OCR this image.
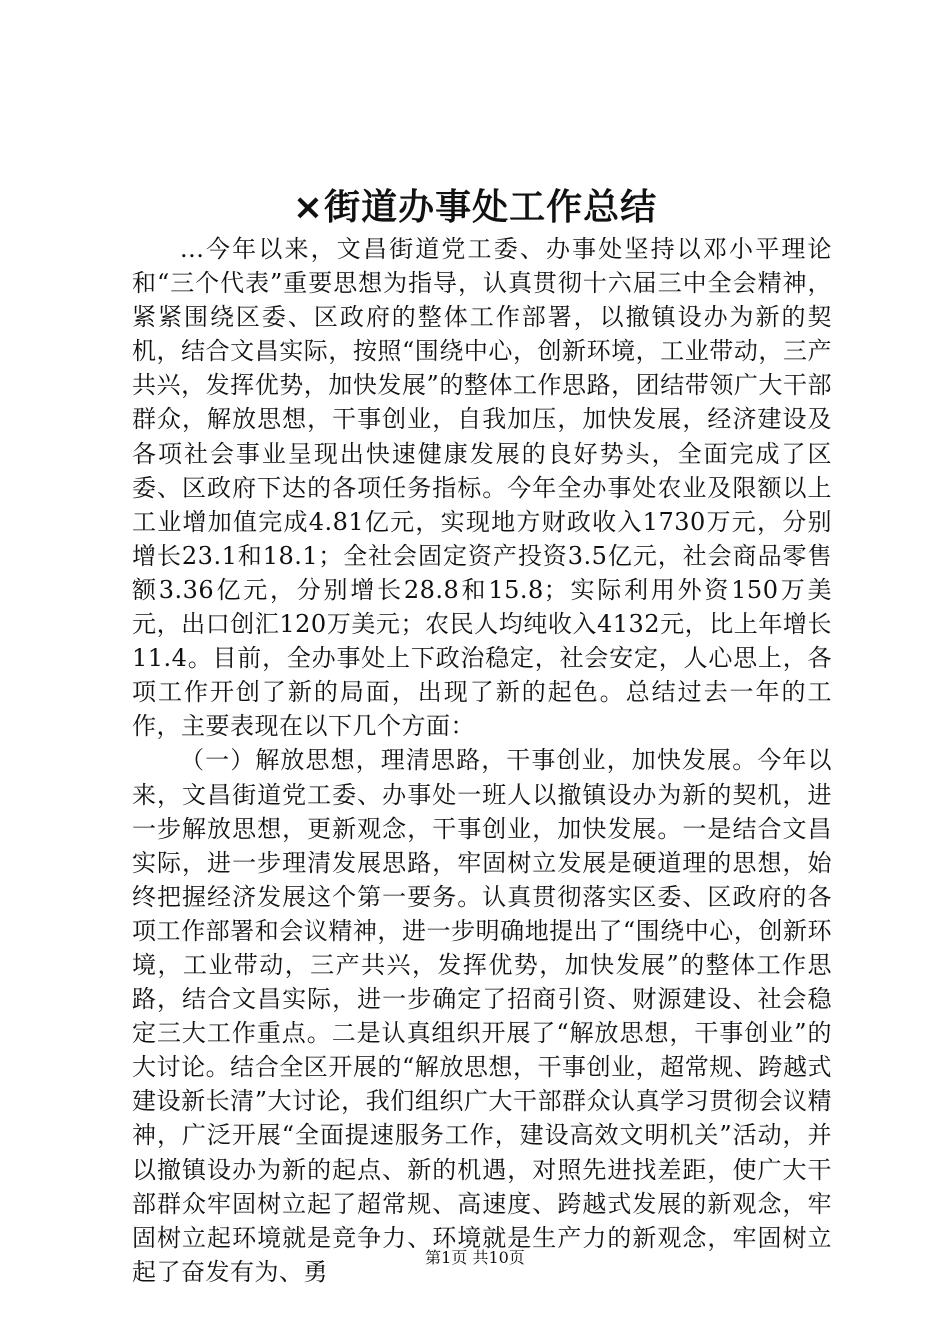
×街道办事处工作总结

...今年以来，文昌街道党工委、办事处坚持以邓小平理论和“三个代表”重要思想为指导，认真贯彻十六届三中全会精神，紧紧围绕区委、区政府的整体工作部署，以撤镇设办为新的契机，结合文昌实际，按照“围绕中心，创新环境，工业带动，三产共兴，发挥优势，加快发展”的整体工作思路，团结带领广大干部群众，解放思想，干事创业，自我加压，加快发展，经济建设及各项社会事业呈现出快速健康发展的良好势头，全面完成了区委、区政府下达的各项任务指标。今年全办事处农业及限额以上工业增加值完成4.81亿元，实现地方财政收入1730万元，分别增长23.1和18.1；全社会固定资产投资3.5亿元，社会商品零售额3.36亿元，分别增长28.8和15.8；实际利用外资150万美元，出口创汇120万美元；农民人均纯收入4132元，比上年增长11.4。目前，全办事处上下政治稳定，社会安定，人心思上，各项工作开创了新的局面，出现了新的起色。总结过去一年的工作，主要表现在以下几个方面：

（一）解放思想，理清思路，干事创业，加快发展。今年以来，文昌街道党工委、办事处一班人以撤镇设办为新的契机，进一步解放思想，更新观念，干事创业，加快发展。一是结合文昌实际，进一步理清发展思路，牢固树立发展是硬道理的思想，始终把握经济发展这个第一要务。认真贯彻落实区委、区政府的各项工作部署和会议精神，进一步明确地提出了“围绕中心，创新环境，工业带动，三产共兴，发挥优势，加快发展”的整体工作思路，结合文昌实际，进一步确定了招商引资、财源建设、社会稳定三大工作重点。二是认真组织开展了“解放思想，干事创业”的大讨论。结合全区开展的“解放思想，干事创业，超常规、跨越式建设新长清”大讨论，我们组织广大干部群众认真学习贯彻会议精神，广泛开展“全面提速服务工作，建设高效文明机关”活动，并以撤镇设办为新的起点、新的机遇，对照先进找差距，使广大干部群众牢固树立起了超常规、高速度、跨越式发展的新观念，牢固树立起环境就是竞争力、环境就是生产力的新观念，牢固树立起了奋发有为、勇

第1页 共10页
